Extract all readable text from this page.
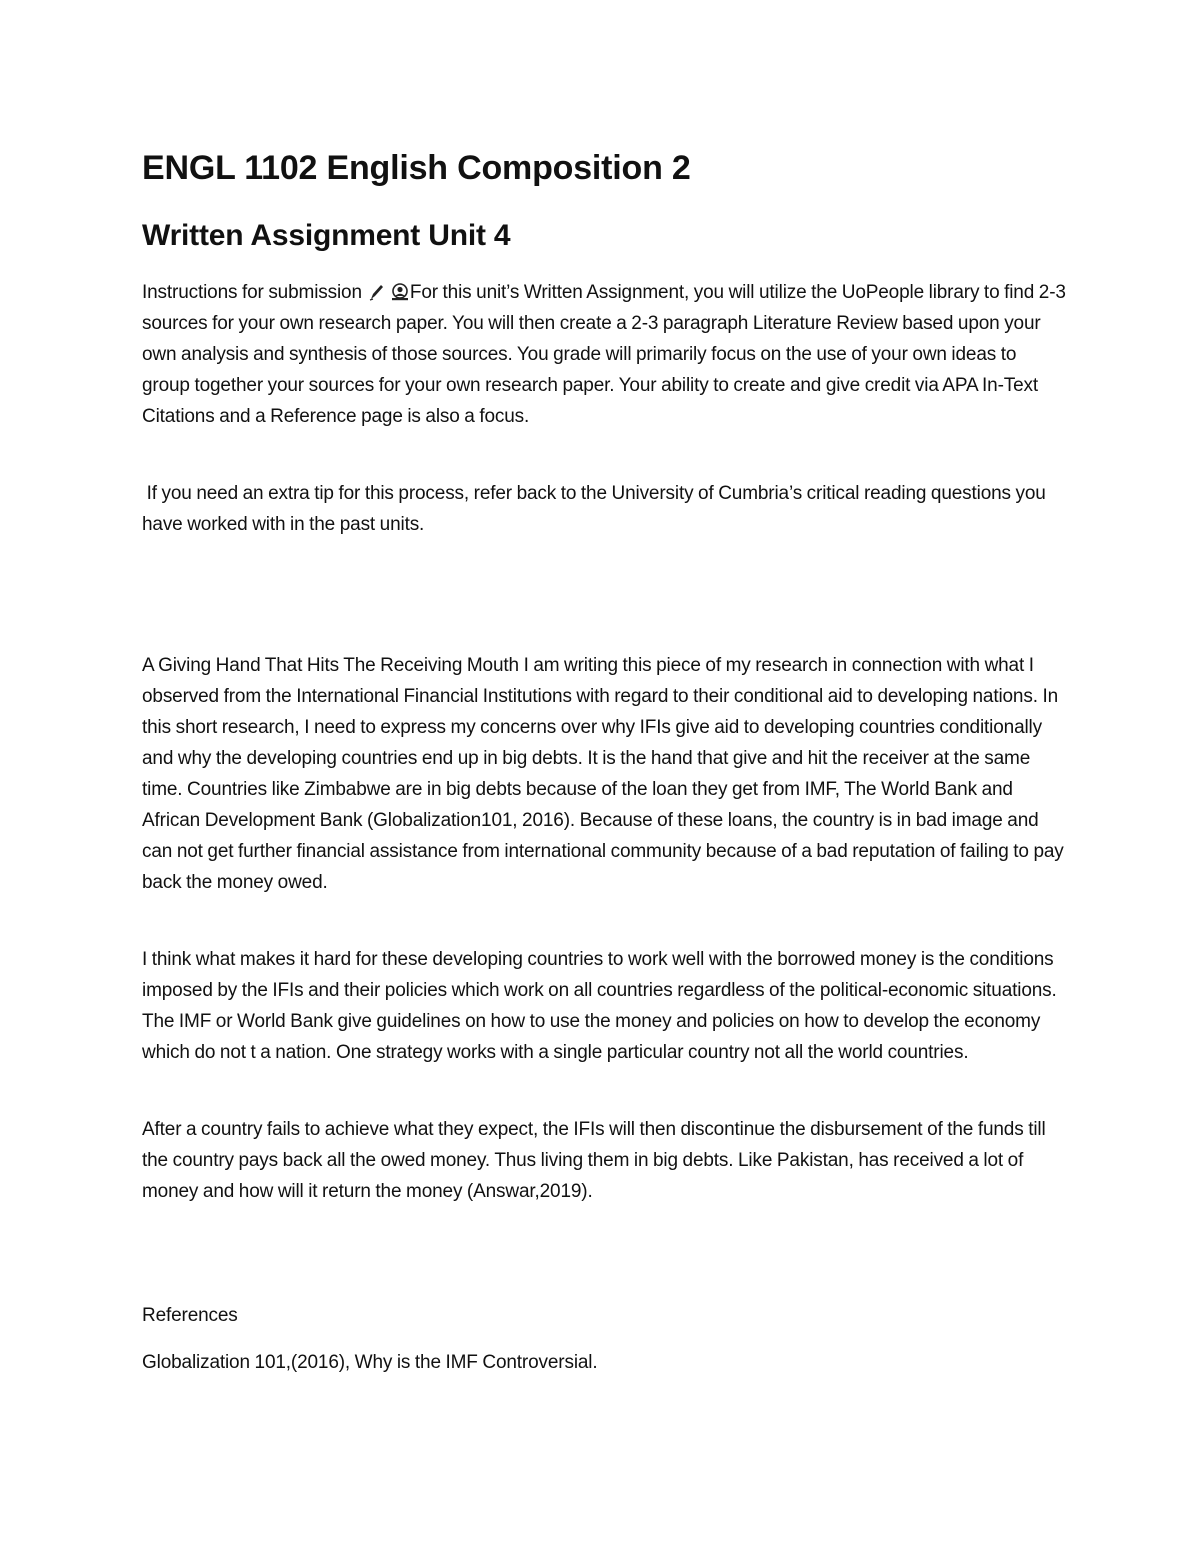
ENGL 1102 English Composition 2
Written Assignment Unit 4

Instructions for submission	For this unit’s Written Assignment, you will utilize the UoPeople library to find 2-3 sources for your own research paper. You will then create a 2-3 paragraph Literature Review based upon your own analysis and synthesis of those sources. You grade will primarily focus on the use of your own ideas to group together your sources for your own research paper. Your ability to create and give credit via APA In-Text Citations and a Reference page is also a focus.

If you need an extra tip for this process, refer back to the University of Cumbria’s critical reading questions you have worked with in the past units.

A Giving Hand That Hits The Receiving Mouth I am writing this piece of my research in connection with what I observed from the International Financial Institutions with regard to their conditional aid to developing nations. In this short research, I need to express my concerns over why IFIs give aid to developing countries conditionally and why the developing countries end up in big debts. It is the hand that give and hit the receiver at the same time. Countries like Zimbabwe are in big debts because of the loan they get from IMF, The World Bank and African Development Bank (Globalization101, 2016). Because of these loans, the country is in bad image and can not get further financial assistance from international community because of a bad reputation of failing to pay back the money owed.

I think what makes it hard for these developing countries to work well with the borrowed money is the conditions imposed by the IFIs and their policies which work on all countries regardless of the political-economic situations. The IMF or World Bank give guidelines on how to use the money and policies on how to develop the economy which do not t a nation. One strategy works with a single particular country not all the world countries.

After a country fails to achieve what they expect, the IFIs will then discontinue the disbursement of the funds till the country pays back all the owed money. Thus living them in big debts. Like Pakistan, has received a lot of money and how will it return the money (Answar,2019).

References

Globalization 101,(2016), Why is the IMF Controversial.
